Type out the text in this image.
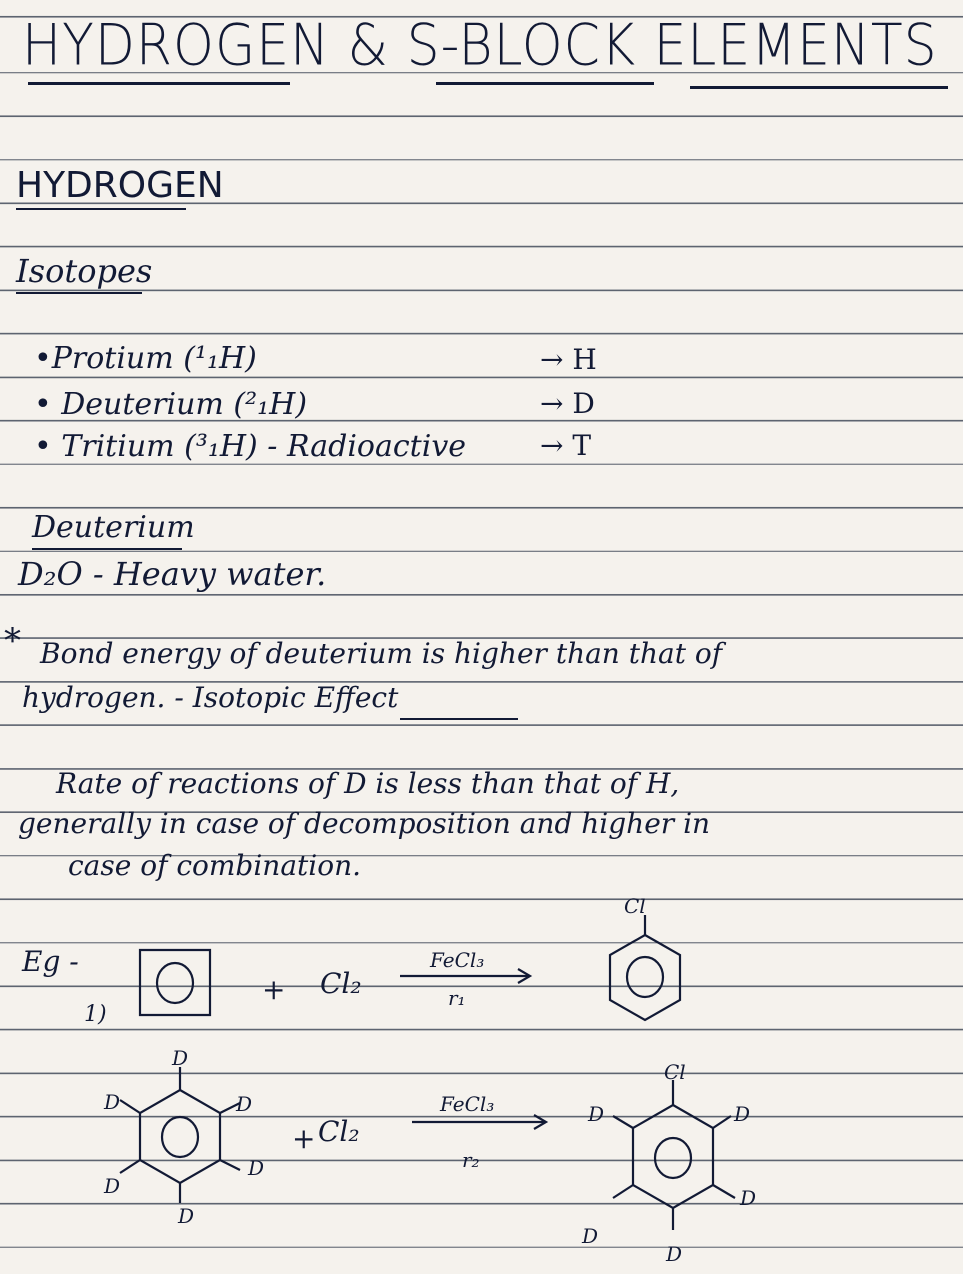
HYDROGEN & S-BLOCK ELEMENTS
HYDROGEN
Isotopes
•Protium (¹₁H)	→ H
• Deuterium (²₁H)	→ D
• Tritium (³₁H) - Radioactive	→ T
Deuterium
D₂O - Heavy water.
* Bond energy of deuterium is higher than that of
hydrogen. - Isotopic Effect
Rate of reactions of D is less than that of H,
generally in case of decomposition and higher in
case of combination.
Eg -
1)
+ Cl₂
FeCl₃
r₁
Cl
D
D
D
D
D
D
+ Cl₂
FeCl₃
r₂
Cl
D	D
D
D
D
